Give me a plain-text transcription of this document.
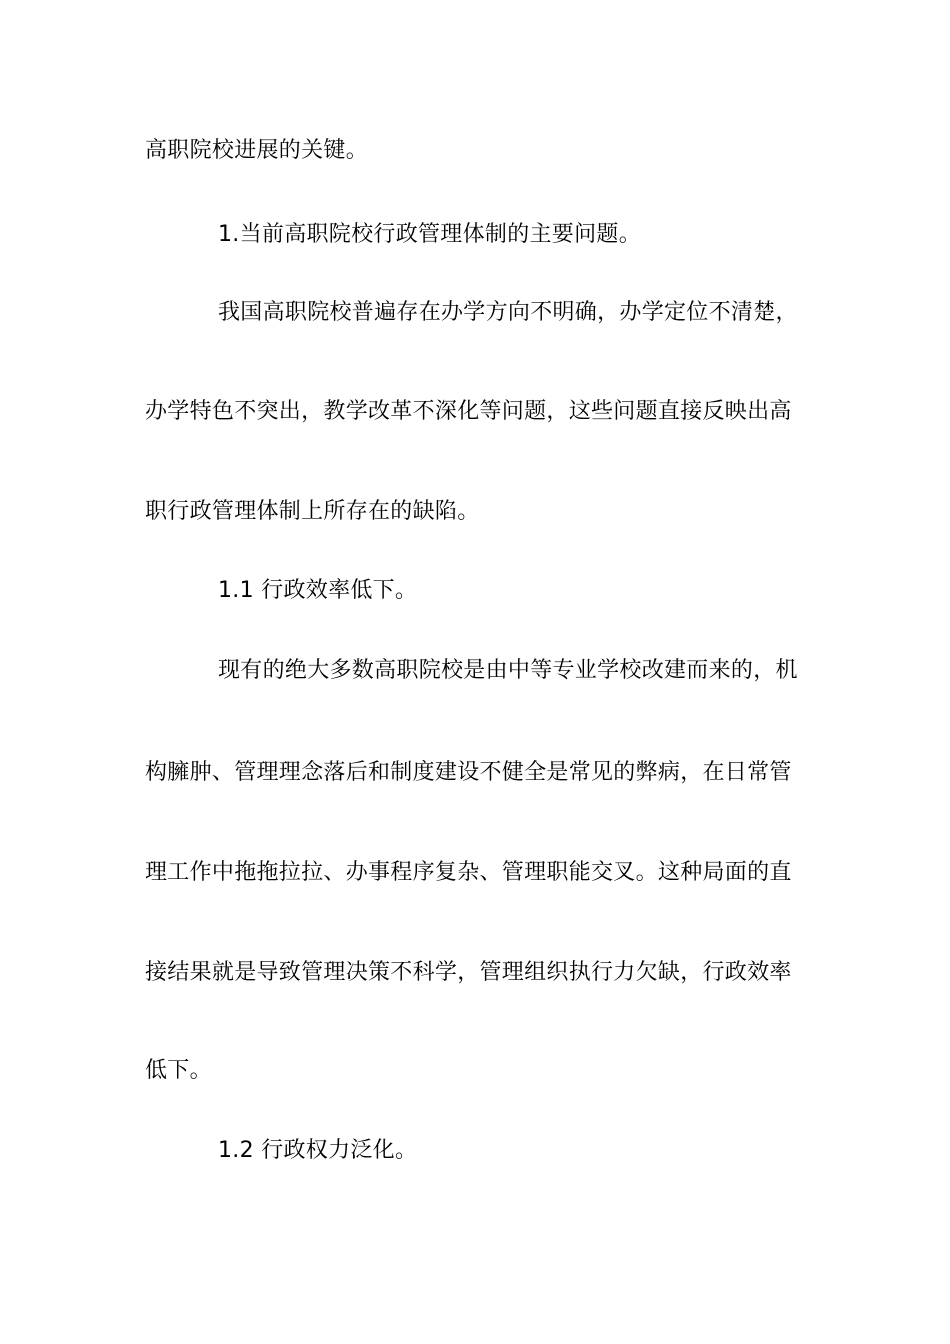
高职院校进展的关键。
1.当前高职院校行政管理体制的主要问题。
我国高职院校普遍存在办学方向不明确，办学定位不清楚，
办学特色不突出，教学改革不深化等问题，这些问题直接反映出高
职行政管理体制上所存在的缺陷。
1.1 行政效率低下。
现有的绝大多数高职院校是由中等专业学校改建而来的，机
构臃肿、管理理念落后和制度建设不健全是常见的弊病，在日常管
理工作中拖拖拉拉、办事程序复杂、管理职能交叉。这种局面的直
接结果就是导致管理决策不科学，管理组织执行力欠缺，行政效率
低下。
1.2 行政权力泛化。
